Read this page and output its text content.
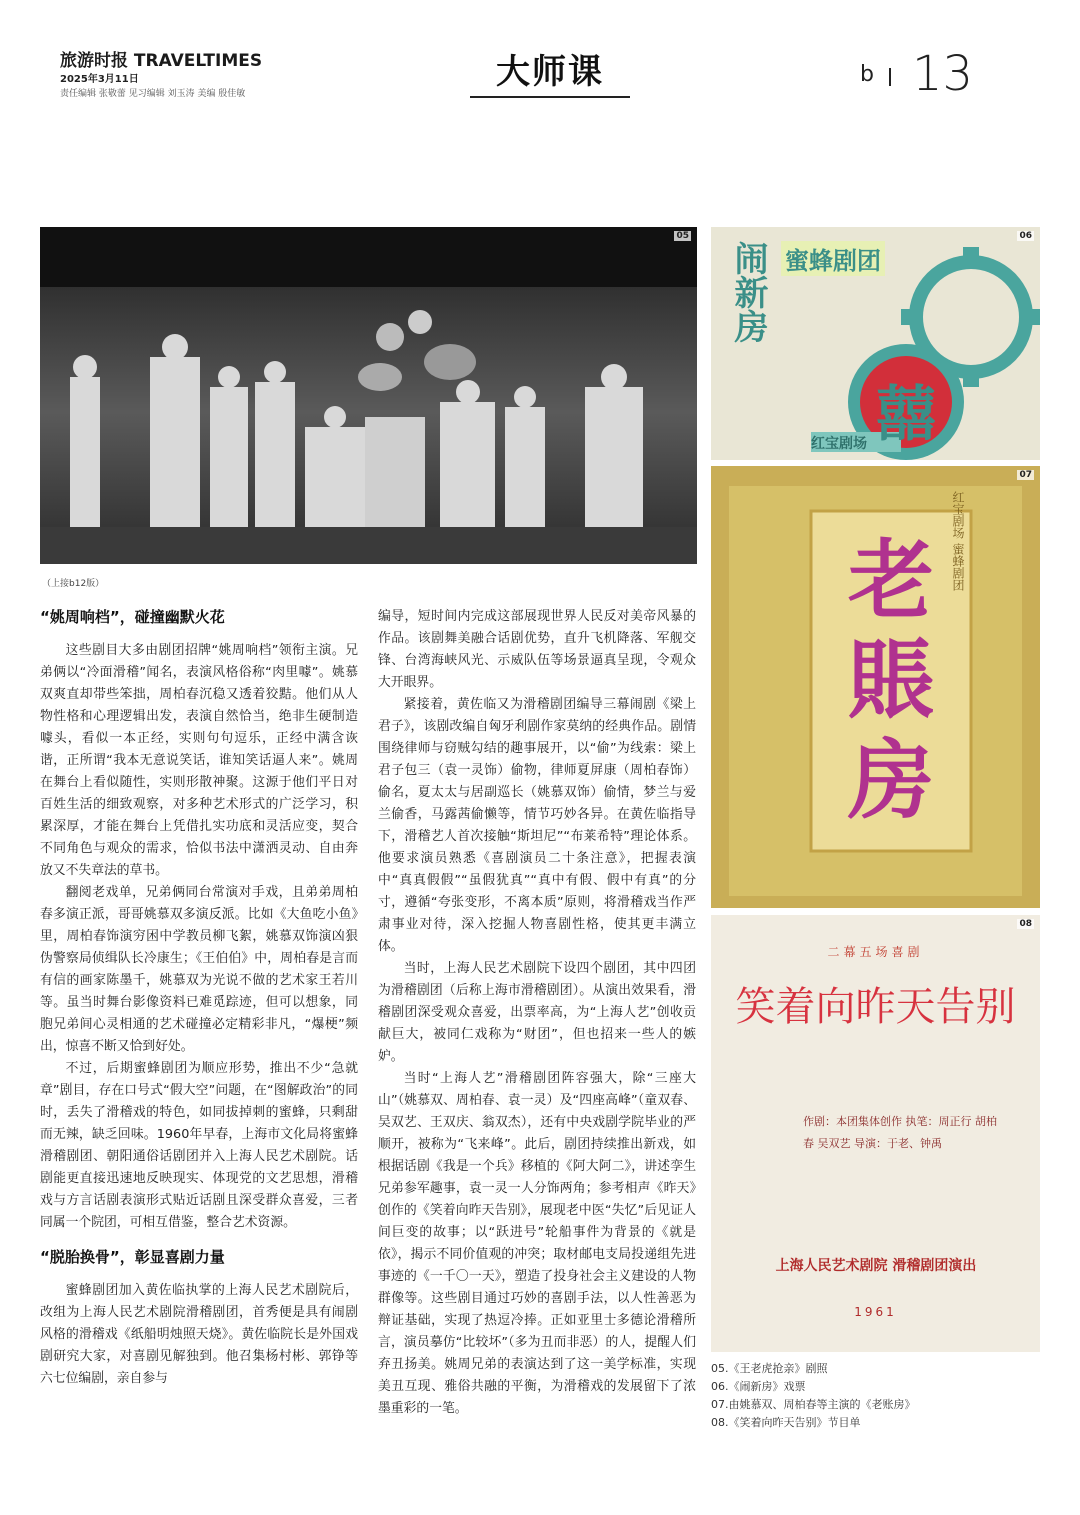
旅游时报 TRAVELTIMES
2025年3月11日
责任编辑 张敬蕾 见习编辑 刘玉涛 美编 殷佳敏
大师课	b 13
05
闹新房 蜜蜂剧团
囍
红宝剧场
06
老賬房
红宝剧场 蜜蜂剧团
07
二幕五场喜剧
笑着向昨天告别
作剧：本团集体创作 执笔：周正行 胡柏春 吴双艺 导演：于老、钟禹
上海人民艺术剧院 滑稽剧团演出
1961
08
（上接b12版）
“姚周响档”，碰撞幽默火花

这些剧目大多由剧团招牌“姚周响档”领衔主演。兄弟俩以“冷面滑稽”闻名，表演风格俗称“肉里噱”。姚慕双爽直却带些笨拙，周柏春沉稳又透着狡黠。他们从人物性格和心理逻辑出发，表演自然恰当，绝非生硬制造噱头，看似一本正经，实则句句逗乐，正经中满含诙谐，正所谓“我本无意说笑话，谁知笑话逼人来”。姚周在舞台上看似随性，实则形散神聚。这源于他们平日对百姓生活的细致观察，对多种艺术形式的广泛学习，积累深厚，才能在舞台上凭借扎实功底和灵活应变，契合不同角色与观众的需求，恰似书法中潇洒灵动、自由奔放又不失章法的草书。

翻阅老戏单，兄弟俩同台常演对手戏，且弟弟周柏春多演正派，哥哥姚慕双多演反派。比如《大鱼吃小鱼》里，周柏春饰演穷困中学教员柳飞絮，姚慕双饰演凶狠伪警察局侦缉队长冷康生；《王伯伯》中，周柏春是言而有信的画家陈墨千，姚慕双为光说不做的艺术家王若川等。虽当时舞台影像资料已难觅踪迹，但可以想象，同胞兄弟间心灵相通的艺术碰撞必定精彩非凡，“爆梗”频出，惊喜不断又恰到好处。

不过，后期蜜蜂剧团为顺应形势，推出不少“急就章”剧目，存在口号式“假大空”问题，在“图解政治”的同时，丢失了滑稽戏的特色，如同拔掉刺的蜜蜂，只剩甜而无辣，缺乏回味。1960年早春，上海市文化局将蜜蜂滑稽剧团、朝阳通俗话剧团并入上海人民艺术剧院。话剧能更直接迅速地反映现实、体现党的文艺思想，滑稽戏与方言话剧表演形式贴近话剧且深受群众喜爱，三者同属一个院团，可相互借鉴，整合艺术资源。

“脱胎换骨”，彰显喜剧力量

蜜蜂剧团加入黄佐临执掌的上海人民艺术剧院后，改组为上海人民艺术剧院滑稽剧团，首秀便是具有闹剧风格的滑稽戏《纸船明烛照天烧》。黄佐临院长是外国戏剧研究大家，对喜剧见解独到。他召集杨村彬、郭铮等六七位编剧，亲自参与

编导，短时间内完成这部展现世界人民反对美帝风暴的作品。该剧舞美融合话剧优势，直升飞机降落、军舰交锋、台湾海峡风光、示威队伍等场景逼真呈现，令观众大开眼界。

紧接着，黄佐临又为滑稽剧团编导三幕闹剧《梁上君子》，该剧改编自匈牙利剧作家莫纳的经典作品。剧情围绕律师与窃贼勾结的趣事展开，以“偷”为线索：梁上君子包三（袁一灵饰）偷物，律师夏屏康（周柏春饰）偷名，夏太太与居副巡长（姚慕双饰）偷情，梦兰与爱兰偷香，马露茜偷懒等，情节巧妙各异。在黄佐临指导下，滑稽艺人首次接触“斯坦尼”“布莱希特”理论体系。他要求演员熟悉《喜剧演员二十条注意》，把握表演中“真真假假”“虽假犹真”“真中有假、假中有真”的分寸，遵循“夸张变形，不离本质”原则，将滑稽戏当作严肃事业对待，深入挖掘人物喜剧性格，使其更丰满立体。

当时，上海人民艺术剧院下设四个剧团，其中四团为滑稽剧团（后称上海市滑稽剧团）。从演出效果看，滑稽剧团深受观众喜爱，出票率高，为“上海人艺”创收贡献巨大，被同仁戏称为“财团”，但也招来一些人的嫉妒。

当时“上海人艺”滑稽剧团阵容强大，除“三座大山”（姚慕双、周柏春、袁一灵）及“四座高峰”（童双春、吴双艺、王双庆、翁双杰），还有中央戏剧学院毕业的严顺开，被称为“飞来峰”。此后，剧团持续推出新戏，如根据话剧《我是一个兵》移植的《阿大阿二》，讲述孪生兄弟参军趣事，袁一灵一人分饰两角；参考相声《昨天》创作的《笑着向昨天告别》，展现老中医“失忆”后见证人间巨变的故事；以“跃进号”轮船事件为背景的《就是依》，揭示不同价值观的冲突；取材邮电支局投递组先进事迹的《一千〇一天》，塑造了投身社会主义建设的人物群像等。这些剧目通过巧妙的喜剧手法，以人性善恶为辩证基础，实现了热逗冷捧。正如亚里士多德论滑稽所言，演员摹仿“比较坏”（多为丑而非恶）的人，提醒人们弃丑扬美。姚周兄弟的表演达到了这一美学标准，实现美丑互现、雅俗共融的平衡，为滑稽戏的发展留下了浓墨重彩的一笔。

05.《王老虎抢亲》剧照
06.《闹新房》戏票
07.由姚慕双、周柏春等主演的《老账房》
08.《笑着向昨天告别》节目单
